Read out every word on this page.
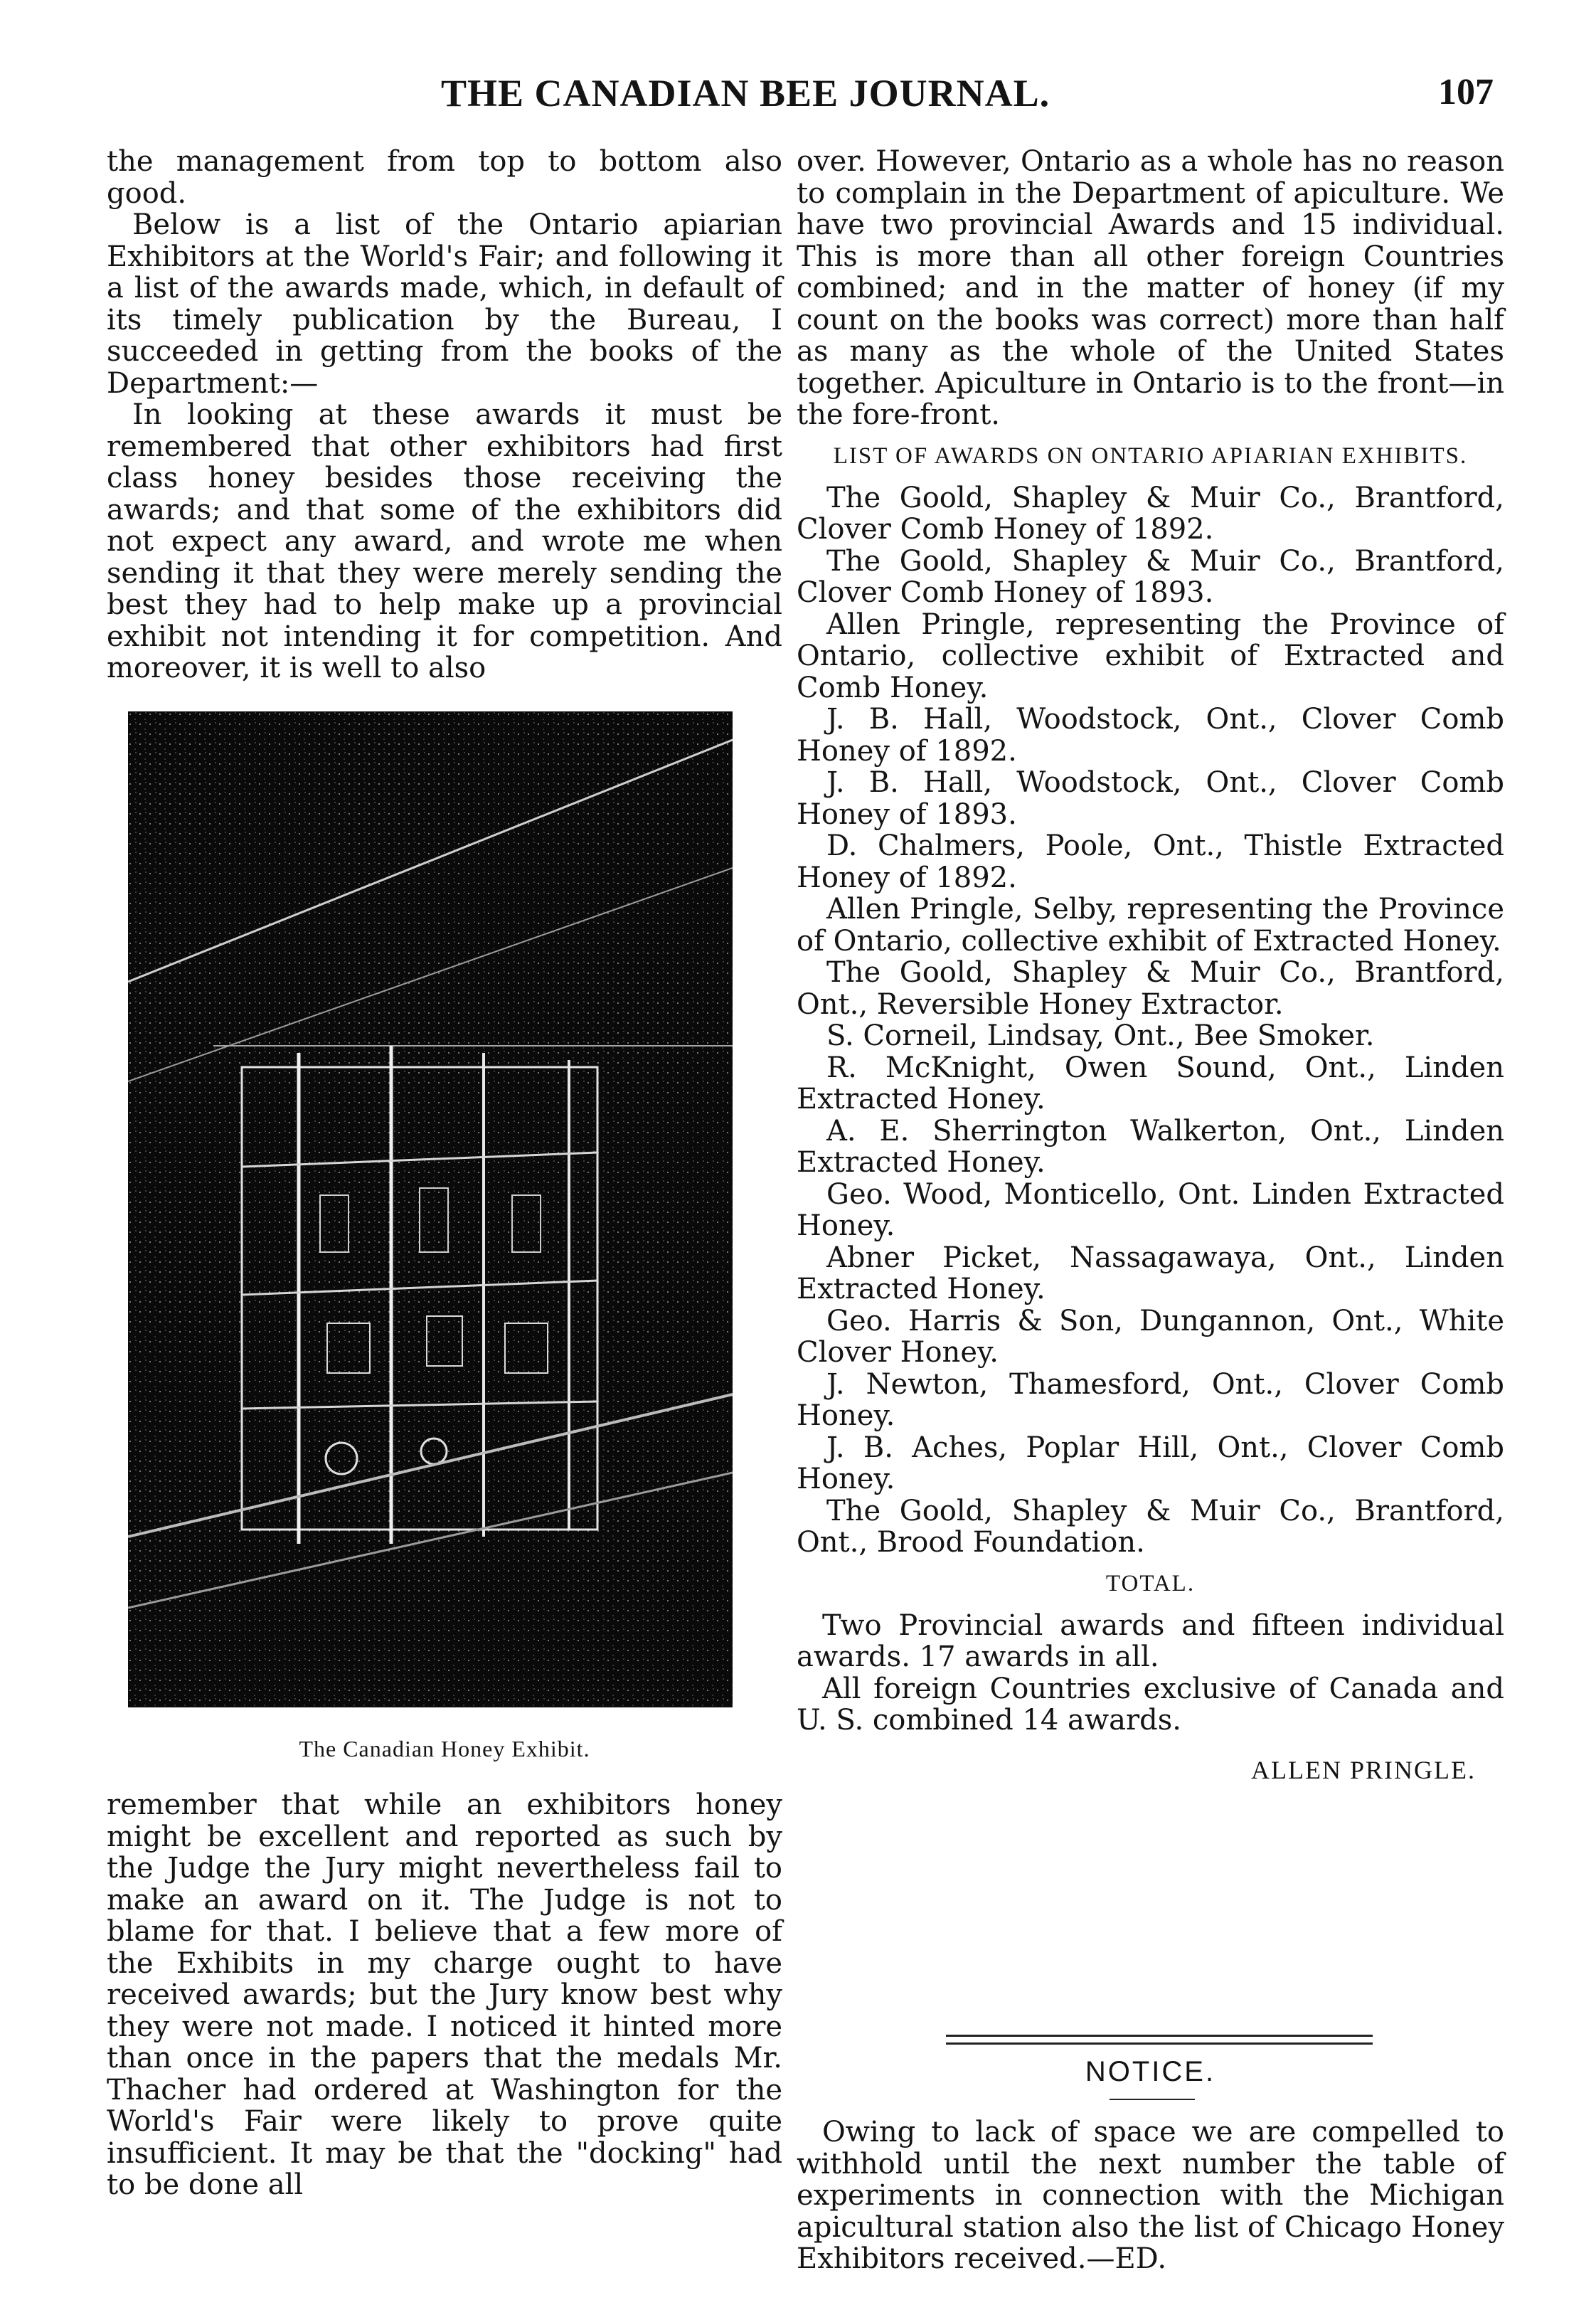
THE CANADIAN BEE JOURNAL.	107

the management from top to bottom also good.

Below is a list of the Ontario apiarian Exhibitors at the World's Fair; and following it a list of the awards made, which, in default of its timely publication by the Bureau, I succeeded in getting from the books of the Department:—

In looking at these awards it must be remembered that other exhibitors had first class honey besides those receiving the awards; and that some of the exhibitors did not expect any award, and wrote me when sending it that they were merely sending the best they had to help make up a provincial exhibit not intending it for competition. And moreover, it is well to also

The Canadian Honey Exhibit.

remember that while an exhibitors honey might be excellent and reported as such by the Judge the Jury might nevertheless fail to make an award on it. The Judge is not to blame for that. I believe that a few more of the Exhibits in my charge ought to have received awards; but the Jury know best why they were not made. I noticed it hinted more than once in the papers that the medals Mr. Thacher had ordered at Washington for the World's Fair were likely to prove quite insufficient. It may be that the "docking" had to be done all

over. However, Ontario as a whole has no reason to complain in the Department of apiculture. We have two provincial Awards and 15 individual. This is more than all other foreign Countries combined; and in the matter of honey (if my count on the books was correct) more than half as many as the whole of the United States together. Apiculture in Ontario is to the front—in the fore-front.

LIST OF AWARDS ON ONTARIO APIARIAN EXHIBITS.

The Goold, Shapley & Muir Co., Brantford, Clover Comb Honey of 1892.

The Goold, Shapley & Muir Co., Brantford, Clover Comb Honey of 1893.

Allen Pringle, representing the Province of Ontario, collective exhibit of Extracted and Comb Honey.

J. B. Hall, Woodstock, Ont., Clover Comb Honey of 1892.

J. B. Hall, Woodstock, Ont., Clover Comb Honey of 1893.

D. Chalmers, Poole, Ont., Thistle Extracted Honey of 1892.

Allen Pringle, Selby, representing the Province of Ontario, collective exhibit of Extracted Honey.

The Goold, Shapley & Muir Co., Brantford, Ont., Reversible Honey Extractor.

S. Corneil, Lindsay, Ont., Bee Smoker.

R. McKnight, Owen Sound, Ont., Linden Extracted Honey.

A. E. Sherrington Walkerton, Ont., Linden Extracted Honey.

Geo. Wood, Monticello, Ont. Linden Extracted Honey.

Abner Picket, Nassagawaya, Ont., Linden Extracted Honey.

Geo. Harris & Son, Dungannon, Ont., White Clover Honey.

J. Newton, Thamesford, Ont., Clover Comb Honey.

J. B. Aches, Poplar Hill, Ont., Clover Comb Honey.

The Goold, Shapley & Muir Co., Brantford, Ont., Brood Foundation.

TOTAL.

Two Provincial awards and fifteen individual awards. 17 awards in all.

All foreign Countries exclusive of Canada and U. S. combined 14 awards.

ALLEN PRINGLE.
NOTICE.

Owing to lack of space we are compelled to withhold until the next number the table of experiments in connection with the Michigan apicultural station also the list of Chicago Honey Exhibitors received.—ED.
